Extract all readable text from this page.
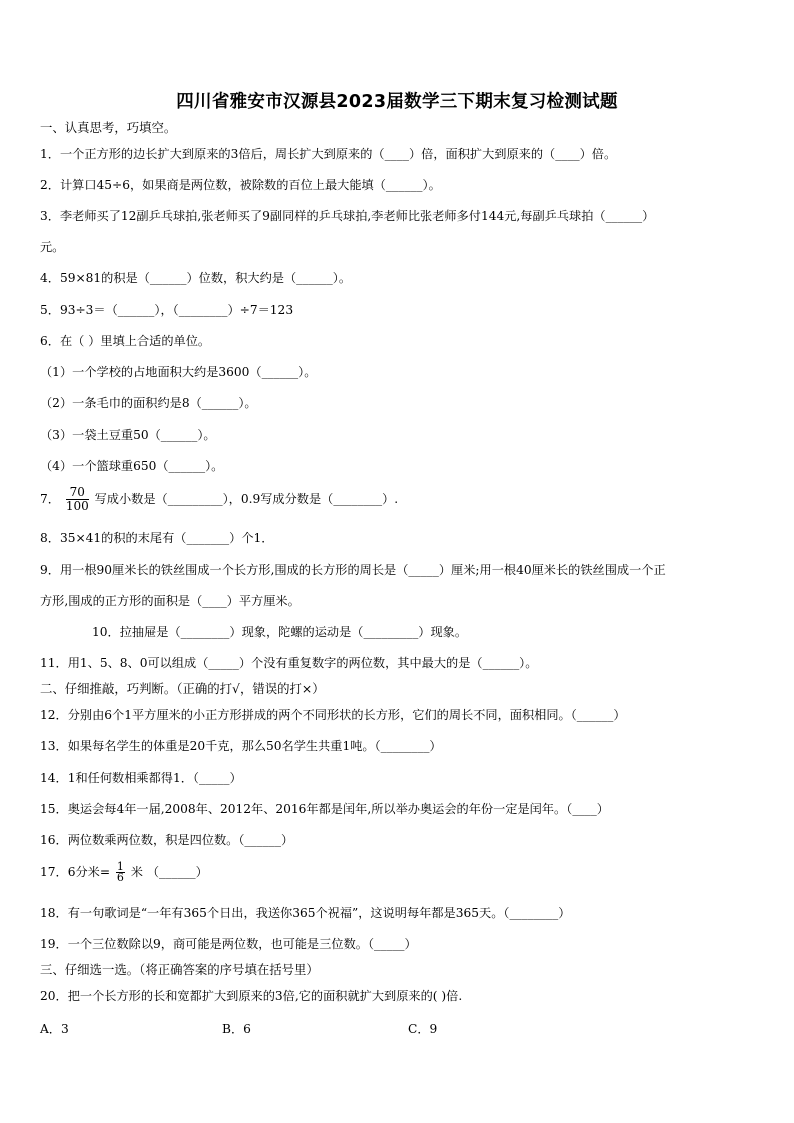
四川省雅安市汉源县2023届数学三下期末复习检测试题
一、认真思考，巧填空。
1．一个正方形的边长扩大到原来的3倍后，周长扩大到原来的（____）倍，面积扩大到原来的（____）倍。
2．计算口45÷6，如果商是两位数，被除数的百位上最大能填（______）。
3．李老师买了12副乒乓球拍,张老师买了9副同样的乒乓球拍,李老师比张老师多付144元,每副乒乓球拍（______）
元。
4．59×81的积是（______）位数，积大约是（______）。
5．93÷3＝（______），（________）÷7＝123
6．在（ ）里填上合适的单位。
（1）一个学校的占地面积大约是3600（______）。
（2）一条毛巾的面积约是8（______）。
（3）一袋土豆重50（______）。
（4）一个篮球重650（______）。
7． $\frac{70}{100}$ 写成小数是（_________），0.9写成分数是（________）.
8．35×41的积的末尾有（_______）个1．
9．用一根90厘米长的铁丝围成一个长方形,围成的长方形的周长是（_____）厘米;用一根40厘米长的铁丝围成一个正
方形,围成的正方形的面积是（____）平方厘米。
10．拉抽屉是（________）现象，陀螺的运动是（_________）现象。
11．用1、5、8、0可以组成（_____）个没有重复数字的两位数，其中最大的是（______）。
二、仔细推敲，巧判断。（正确的打√，错误的打×）
12．分别由6个1平方厘米的小正方形拼成的两个不同形状的长方形，它们的周长不同，面积相同。（______）
13．如果每名学生的体重是20千克，那么50名学生共重1吨。（________）
14．1和任何数相乘都得1．（_____）
15．奥运会每4年一届,2008年、2012年、2016年都是闰年,所以举办奥运会的年份一定是闰年。（____）
16．两位数乘两位数，积是四位数。（______）
17．6分米= $\frac{1}{6}$ 米 （______）
18．有一句歌词是“一年有365个日出，我送你365个祝福”，这说明每年都是365天。（________）
19．一个三位数除以9，商可能是两位数，也可能是三位数。（_____）
三、仔细选一选。（将正确答案的序号填在括号里）
20．把一个长方形的长和宽都扩大到原来的3倍,它的面积就扩大到原来的( )倍.
A．3	B．6	C．9
